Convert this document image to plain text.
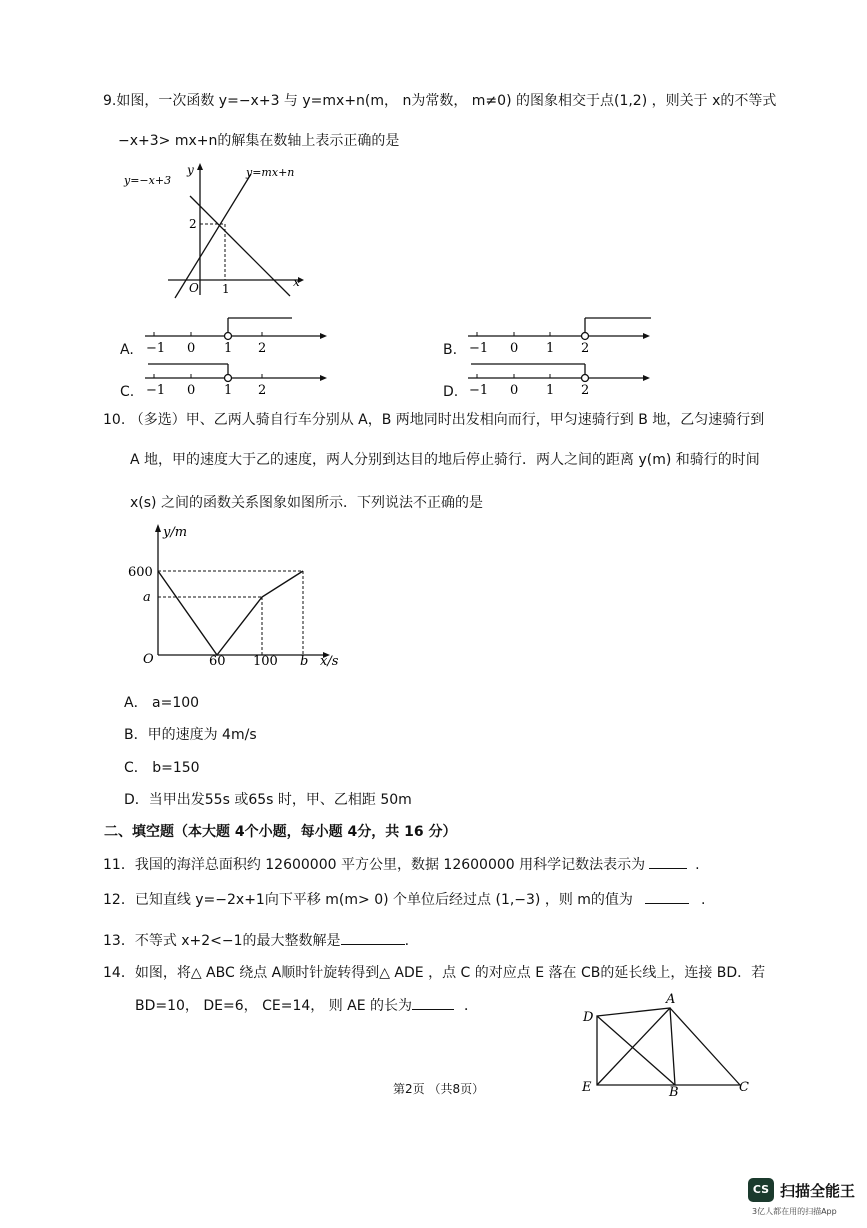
9.如图，一次函数 y=−x+3 与 y=mx+n(m， n为常数， m≠0) 的图象相交于点(1,2) ，则关于 x的不等式
−x+3> mx+n的解集在数轴上表示正确的是
y=−x+3
y=mx+n
y
x
O
2
1
A. −1 0 1 2	B. −1 0 1 2
C. −1 0 1 2	D. −1 0 1 2
10. （多选）甲、乙两人骑自行车分别从 A，B 两地同时出发相向而行，甲匀速骑行到 B 地，乙匀速骑行到
A 地，甲的速度大于乙的速度，两人分别到达目的地后停止骑行．两人之间的距离 y(m) 和骑行的时间
x(s) 之间的函数关系图象如图所示．下列说法不正确的是
y/m
x/s
O
600
a
60 100 b
A． a=100
B．甲的速度为 4m/s
C． b=150
D．当甲出发55s 或65s 时，甲、乙相距 50m
二、填空题（本大题 4个小题，每小题 4分，共 16 分）
11．我国的海洋总面积约 12600000 平方公里，数据 12600000 用科学记数法表示为	.
12．已知直线 y=−2x+1向下平移 m(m> 0) 个单位后经过点 (1,−3) ，则 m的值为	.
13．不等式 x+2<−1的最大整数解是	.
14．如图，将△ ABC 绕点 A顺时针旋转得到△ ADE ，点 C 的对应点 E 落在 CB的延长线上，连接 BD．若
BD=10， DE=6， CE=14， 则 AE 的长为	．
D
A
E	B	C
第2页 （共8页）
CS 扫描全能王
3亿人都在用的扫描App
